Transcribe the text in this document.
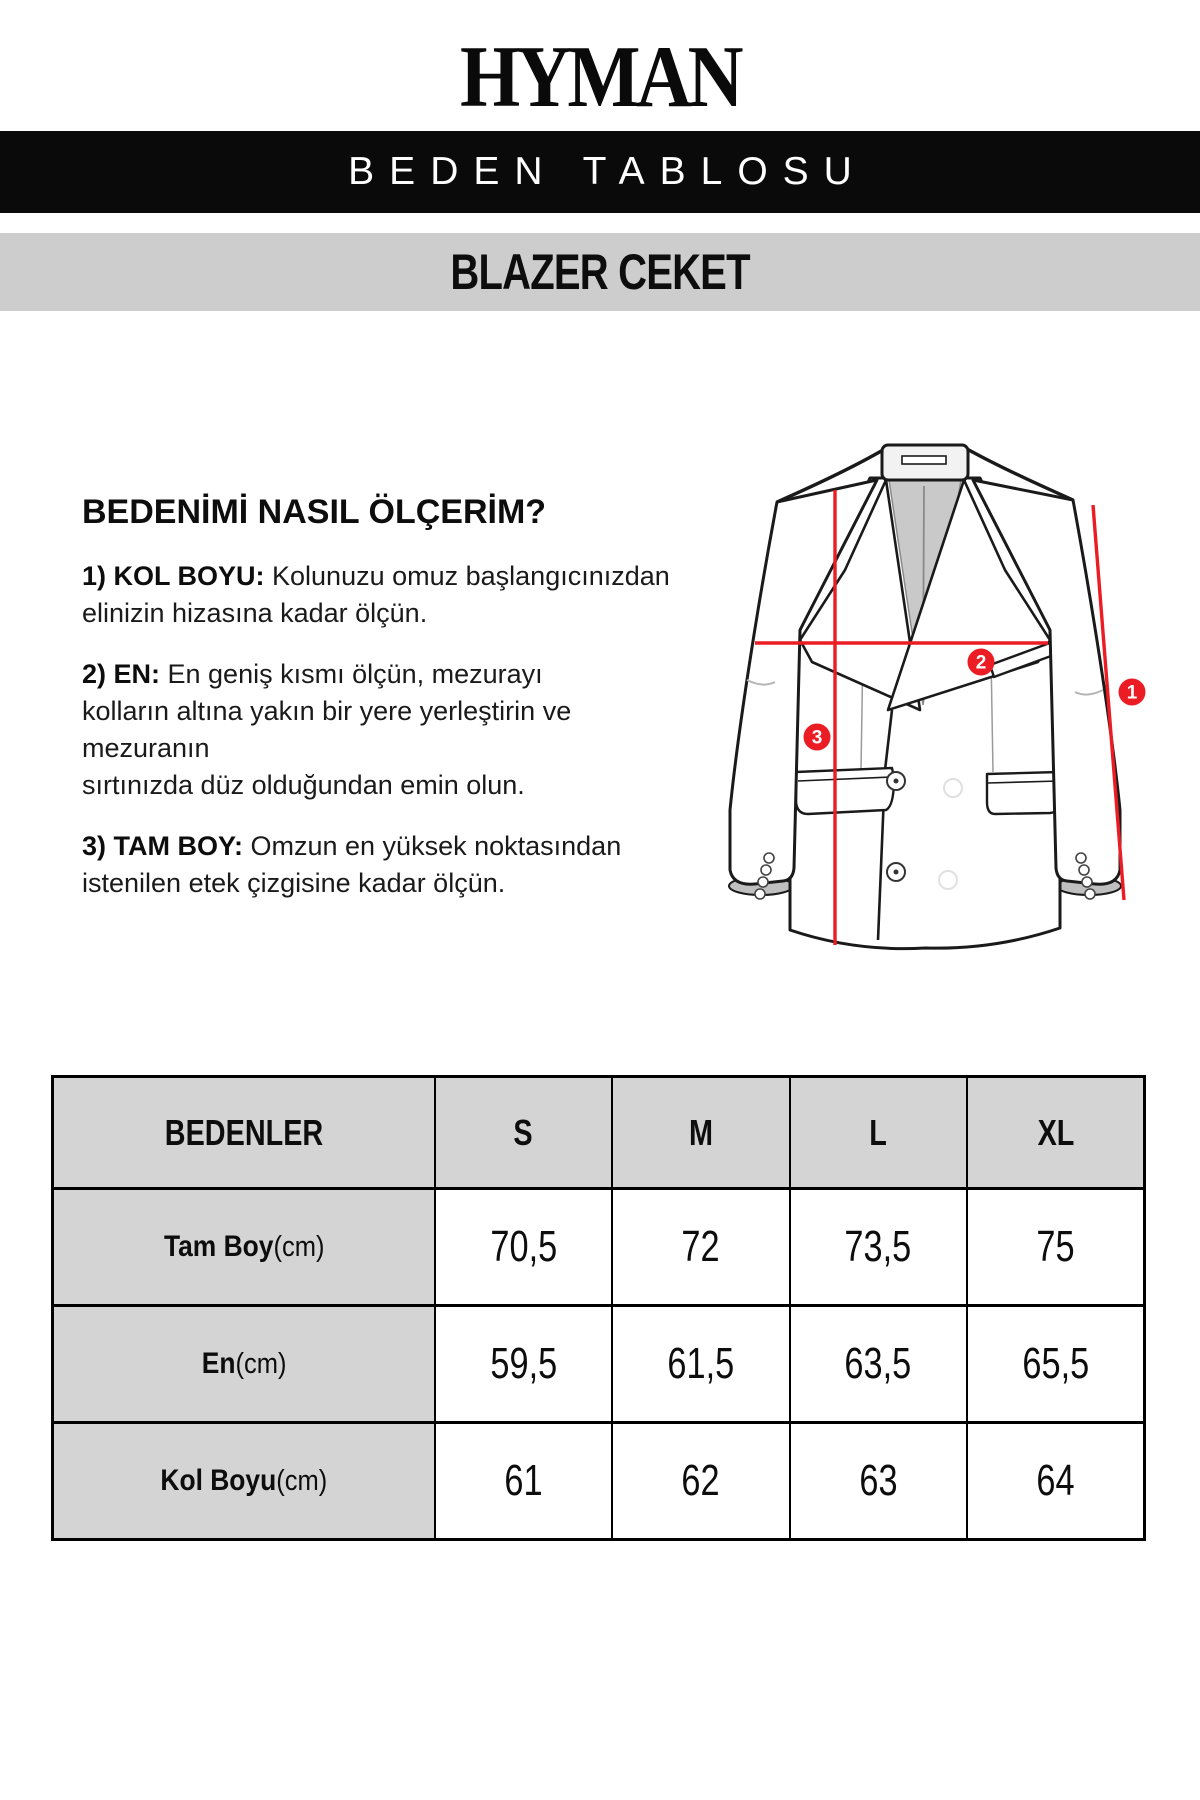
HYMAN
BEDEN TABLOSU
BLAZER CEKET
BEDENİMİ NASIL ÖLÇERİM?

1) KOL BOYU: Kolunuzu omuz başlangıcınızdan
elinizin hizasına kadar ölçün.

2) EN: En geniş kısmı ölçün, mezurayı
kolların altına yakın bir yere yerleştirin ve mezuranın
sırtınızda düz olduğundan emin olun.

3) TAM BOY: Omzun en yüksek noktasından
istenilen etek çizgisine kadar ölçün.

1
2
3
BEDENLER	S	M	L	XL
Tam Boy(cm)	70,5	72	73,5	75
En(cm)	59,5	61,5	63,5	65,5
Kol Boyu(cm)	61	62	63	64
